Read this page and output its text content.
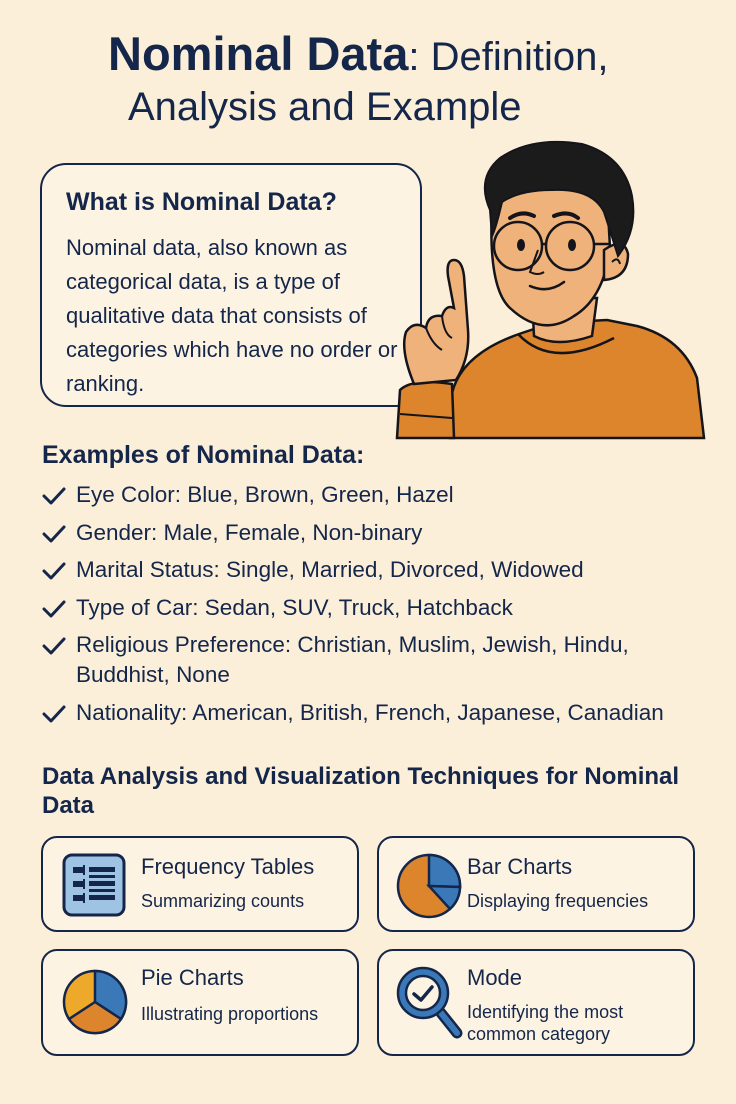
Nominal Data: Definition,
Analysis and Example
What is Nominal Data?

Nominal data, also known as categorical data, is a type of qualitative data that consists of categories which have no order or ranking.

Examples of Nominal Data:
Eye Color: Blue, Brown, Green, Hazel
Gender: Male, Female, Non-binary
Marital Status: Single, Married, Divorced, Widowed
Type of Car: Sedan, SUV, Truck, Hatchback
Religious Preference: Christian, Muslim, Jewish, Hindu, Buddhist, None
Nationality: American, British, French, Japanese, Canadian
Data Analysis and Visualization Techniques for Nominal Data
Frequency Tables
Summarizing counts
Bar Charts
Displaying frequencies
Pie Charts
Illustrating proportions
Mode
Identifying the most common category
